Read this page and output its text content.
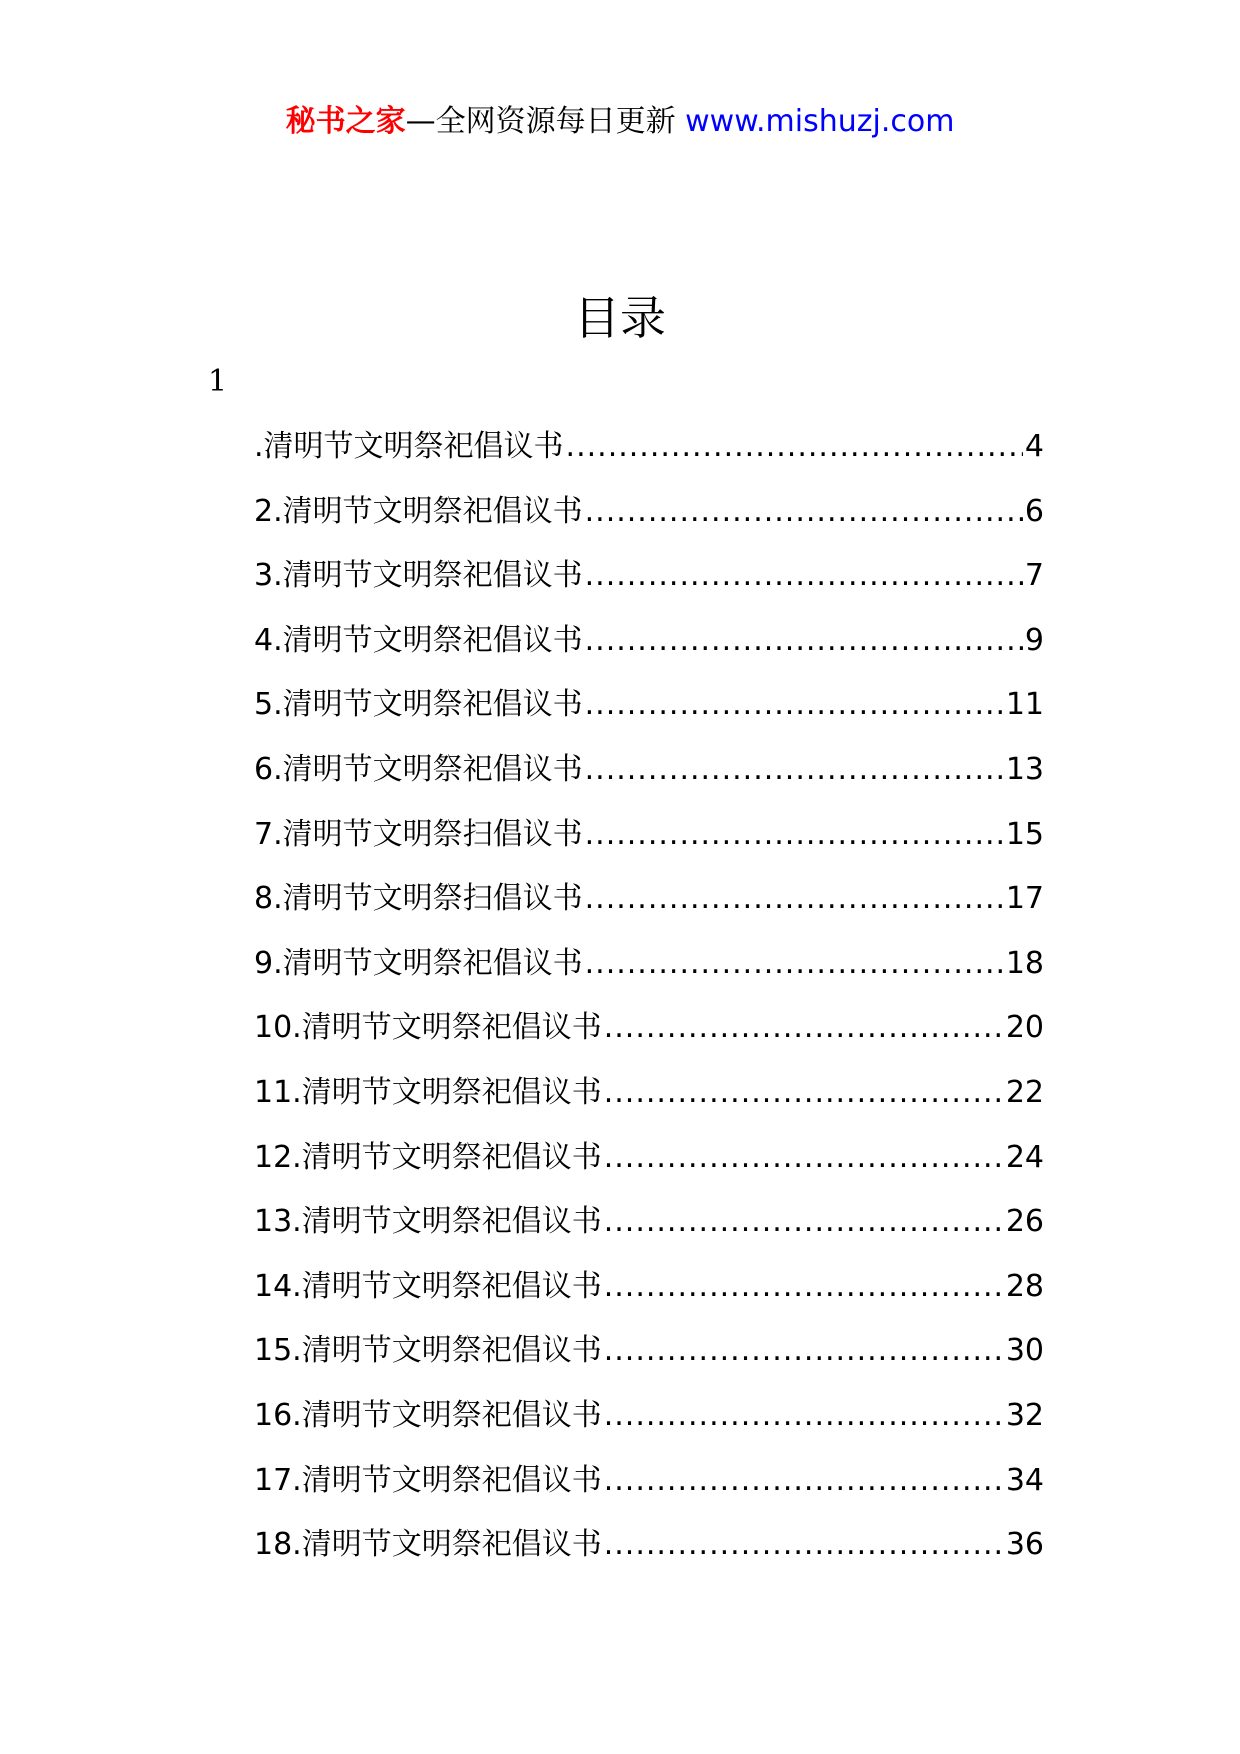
秘书之家—全网资源每日更新 www.mishuzj.com
目录
1
.清明节文明祭祀倡议书 .....	4
2.清明节文明祭祀倡议书 .....	6
3.清明节文明祭祀倡议书 .....	7
4.清明节文明祭祀倡议书 .....	9
5.清明节文明祭祀倡议书 .....	11
6.清明节文明祭祀倡议书 .....	13
7.清明节文明祭扫倡议书 .....	15
8.清明节文明祭扫倡议书 .....	17
9.清明节文明祭祀倡议书 .....	18
10.清明节文明祭祀倡议书 .....	20
11.清明节文明祭祀倡议书 .....	22
12.清明节文明祭祀倡议书 .....	24
13.清明节文明祭祀倡议书 .....	26
14.清明节文明祭祀倡议书 .....	28
15.清明节文明祭祀倡议书 .....	30
16.清明节文明祭祀倡议书 .....	32
17.清明节文明祭祀倡议书 .....	34
18.清明节文明祭祀倡议书 .....	36
